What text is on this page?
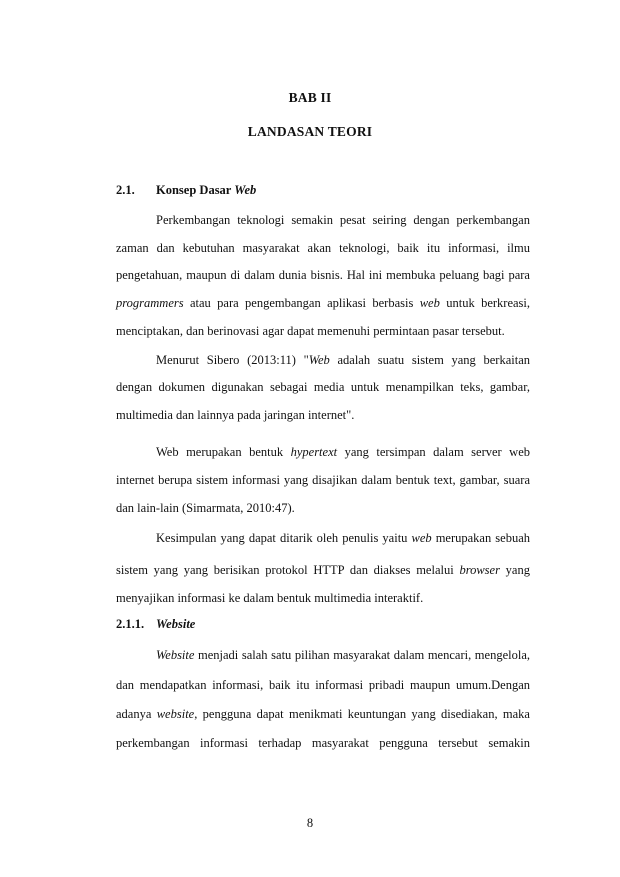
BAB II
LANDASAN TEORI
2.1. Konsep Dasar Web
Perkembangan teknologi semakin pesat seiring dengan perkembangan
zaman dan kebutuhan masyarakat akan teknologi, baik itu informasi, ilmu
pengetahuan, maupun di dalam dunia bisnis. Hal ini membuka peluang bagi para
programmers atau para pengembangan aplikasi berbasis web untuk berkreasi,
menciptakan, dan berinovasi agar dapat memenuhi permintaan pasar tersebut.
Menurut Sibero (2013:11) "Web adalah suatu sistem yang berkaitan
dengan dokumen digunakan sebagai media untuk menampilkan teks, gambar,
multimedia dan lainnya pada jaringan internet".
Web merupakan bentuk hypertext yang tersimpan dalam server web
internet berupa sistem informasi yang disajikan dalam bentuk text, gambar, suara
dan lain-lain (Simarmata, 2010:47).
Kesimpulan yang dapat ditarik oleh penulis yaitu web merupakan sebuah
sistem yang yang berisikan protokol HTTP dan diakses melalui browser yang
menyajikan informasi ke dalam bentuk multimedia interaktif.
2.1.1. Website
Website menjadi salah satu pilihan masyarakat dalam mencari, mengelola,
dan mendapatkan informasi, baik itu informasi pribadi maupun umum.Dengan
adanya website, pengguna dapat menikmati keuntungan yang disediakan, maka
perkembangan informasi terhadap masyarakat pengguna tersebut semakin
8
